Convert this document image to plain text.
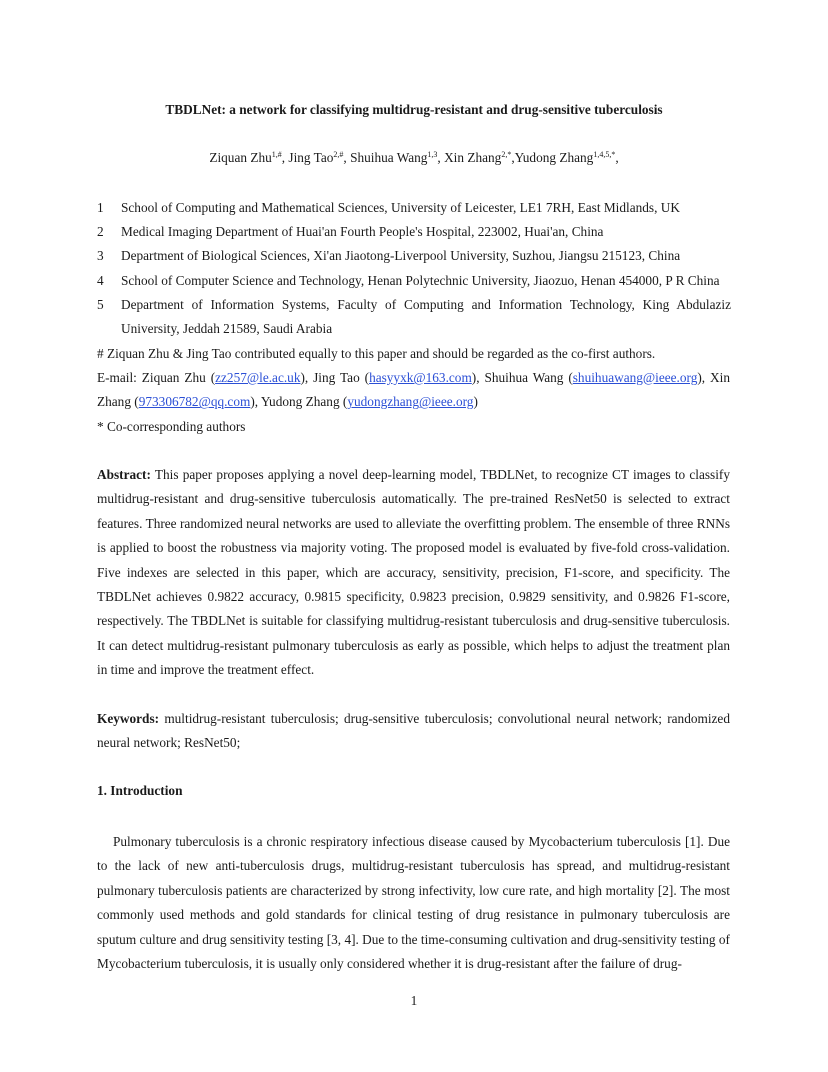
TBDLNet: a network for classifying multidrug-resistant and drug-sensitive tuberculosis
Ziquan Zhu$^{1,\#}$, Jing Tao$^{2,\#}$, Shuihua Wang$^{1,3}$, Xin Zhang$^{2,*}$,Yudong Zhang$^{1,4,5,*}$,
1 School of Computing and Mathematical Sciences, University of Leicester, LE1 7RH, East Midlands, UK
2 Medical Imaging Department of Huai'an Fourth People's Hospital, 223002, Huai'an, China
3 Department of Biological Sciences, Xi'an Jiaotong-Liverpool University, Suzhou, Jiangsu 215123, China
4 School of Computer Science and Technology, Henan Polytechnic University, Jiaozuo, Henan 454000, P R China
5 Department of Information Systems, Faculty of Computing and Information Technology, King Abdulaziz University, Jeddah 21589, Saudi Arabia
# Ziquan Zhu & Jing Tao contributed equally to this paper and should be regarded as the co-first authors.
E-mail: Ziquan Zhu (zz257@le.ac.uk), Jing Tao (hasyyxk@163.com), Shuihua Wang (shuihuawang@ieee.org), Xin Zhang (973306782@qq.com), Yudong Zhang (yudongzhang@ieee.org)
* Co-corresponding authors
Abstract: This paper proposes applying a novel deep-learning model, TBDLNet, to recognize CT images to classify multidrug-resistant and drug-sensitive tuberculosis automatically. The pre-trained ResNet50 is selected to extract features. Three randomized neural networks are used to alleviate the overfitting problem. The ensemble of three RNNs is applied to boost the robustness via majority voting. The proposed model is evaluated by five-fold cross-validation. Five indexes are selected in this paper, which are accuracy, sensitivity, precision, F1-score, and specificity. The TBDLNet achieves 0.9822 accuracy, 0.9815 specificity, 0.9823 precision, 0.9829 sensitivity, and 0.9826 F1-score, respectively. The TBDLNet is suitable for classifying multidrug-resistant tuberculosis and drug-sensitive tuberculosis. It can detect multidrug-resistant pulmonary tuberculosis as early as possible, which helps to adjust the treatment plan in time and improve the treatment effect.
Keywords: multidrug-resistant tuberculosis; drug-sensitive tuberculosis; convolutional neural network; randomized neural network; ResNet50;
1. Introduction
Pulmonary tuberculosis is a chronic respiratory infectious disease caused by Mycobacterium tuberculosis [1]. Due to the lack of new anti-tuberculosis drugs, multidrug-resistant tuberculosis has spread, and multidrug-resistant pulmonary tuberculosis patients are characterized by strong infectivity, low cure rate, and high mortality [2]. The most commonly used methods and gold standards for clinical testing of drug resistance in pulmonary tuberculosis are sputum culture and drug sensitivity testing [3, 4]. Due to the time-consuming cultivation and drug-sensitivity testing of Mycobacterium tuberculosis, it is usually only considered whether it is drug-resistant after the failure of drug-
1
